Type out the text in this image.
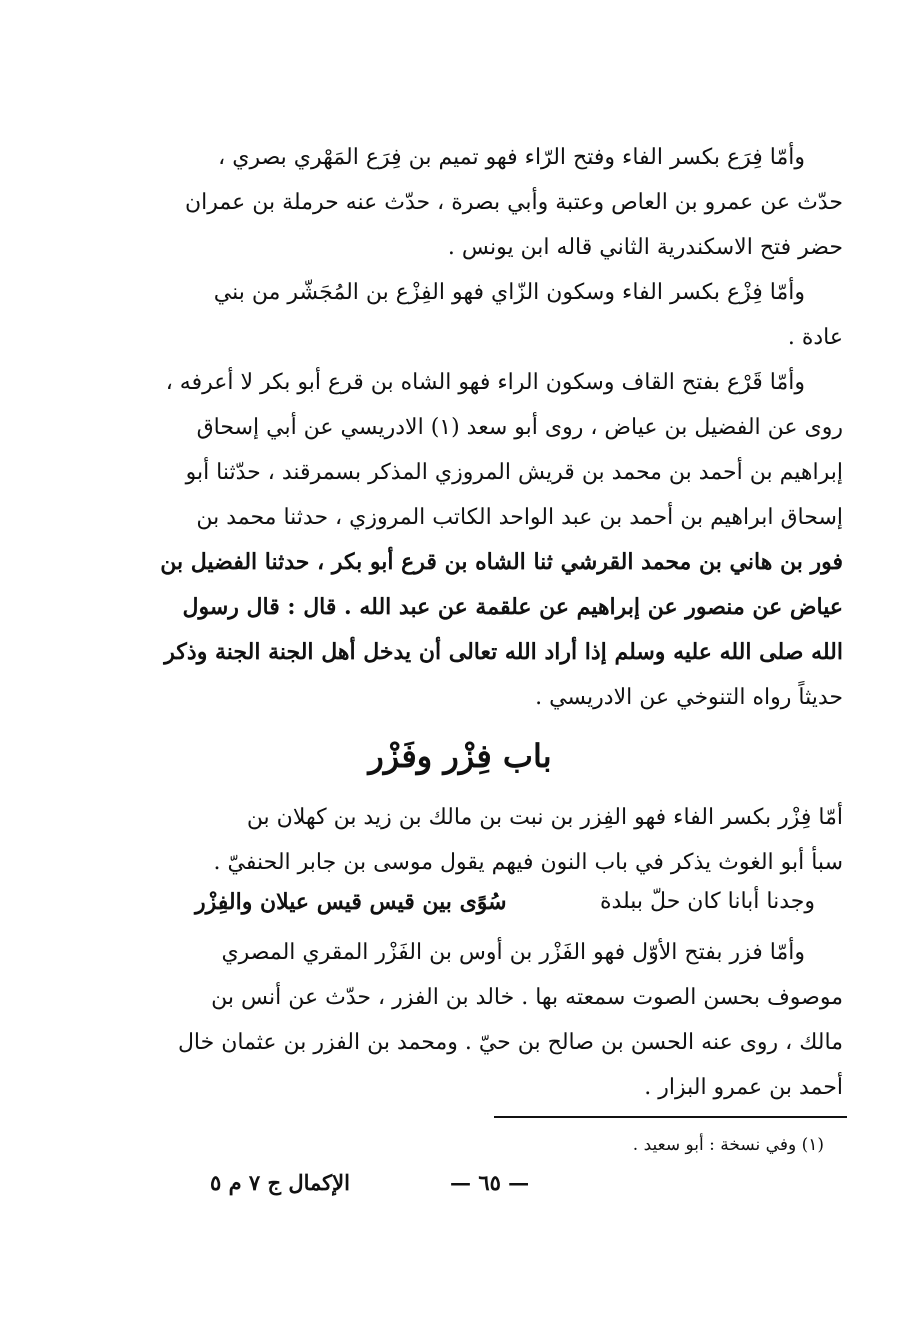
وأمّا فِرَع بكسر الفاء وفتح الرّاء فهو تميم بن فِرَع المَهْري بصري ،
حدّث عن عمرو بن العاص وعتبة وأبي بصرة ، حدّث عنه حرملة بن عمران
حضر فتح الاسكندرية الثاني قاله ابن يونس .
وأمّا فِزْع بكسر الفاء وسكون الزّاي فهو الفِزْع بن المُجَشّر من بني
عادة .
وأمّا قَرْع بفتح القاف وسكون الراء فهو الشاه بن قرع أبو بكر لا أعرفه ،
روى عن الفضيل بن عياض ، روى أبو سعد (١) الادريسي عن أبي إسحاق
إبراهيم بن أحمد بن محمد بن قريش المروزي المذكر بسمرقند ، حدّثنا أبو
إسحاق ابراهيم بن أحمد بن عبد الواحد الكاتب المروزي ، حدثنا محمد بن
فور بن هاني بن محمد القرشي ثنا الشاه بن قرع أبو بكر ، حدثنا الفضيل بن
عياض عن منصور عن إبراهيم عن علقمة عن عبد الله . قال : قال رسول
الله صلى الله عليه وسلم إذا أراد الله تعالى أن يدخل أهل الجنة الجنة وذكر
حديثاً رواه التنوخي عن الادريسي .
باب فِزْر وفَزْر
أمّا فِزْر بكسر الفاء فهو الفِزر بن نبت بن مالك بن زيد بن كهلان بن
سبأ أبو الغوث يذكر في باب النون فيهم يقول موسى بن جابر الحنفيّ .

وأمّا فزر بفتح الأوّل فهو الفَزْر بن أوس بن الفَزْر المقري المصري
موصوف بحسن الصوت سمعته بها . خالد بن الفزر ، حدّث عن أنس بن
مالك ، روى عنه الحسن بن صالح بن حيّ . ومحمد بن الفزر بن عثمان خال
أحمد بن عمرو البزار .
وجدنا أبانا كان حلّ ببلدة
سُوًى بين قيس قيس عيلان والفِزْر
(١) وفي نسخة : أبو سعيد .
— ٦٥ —
الإكمال ج ٧ م ٥
